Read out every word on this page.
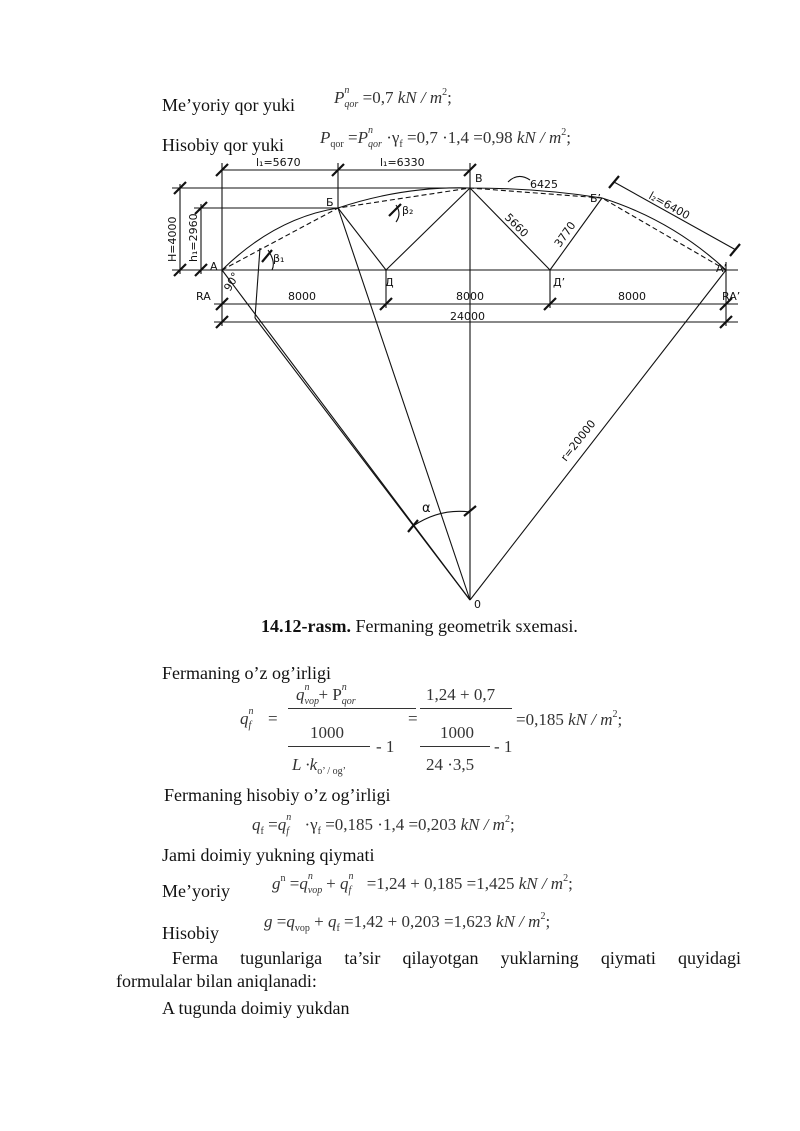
Me’yoriy qor yuki P n
qor =0,7 kN / $m^2$;
Hisobiy qor yuki $P_{qor} =P$ n
qor $\cdot\gamma_f =0,7 \cdot 1,4 =0,98$ kN / $m^2$;
l₁=5670	l₁=6330
6425
l₂=6400
H=4000 h₁=2960	5660 3770
8000	8000	8000
24000
r=20000
90°
α
β₁
β₂
A
Б
B
Б’
A’
Д	Д’
0
RA	RA’
14.12-rasm. Fermaning geometrik sxemasi.
Fermaning o’z og’irligi
q n
f =
q n
vop + P n
qor
1000
- 1
$L \cdot k_{o’ / og’}$
=
1,24 + 0,7
1000
- 1
24 ·3,5
=0,185 kN / $m^2$;
Fermaning hisobiy o’z og’irligi
$q_f =q$ n
$f \cdot\gamma_f =0,185 \cdot 1,4 =0,203$ kN / $m^2$;
Jami doimiy yukning qiymati
Me’yoriy $g^n =q$ n
vop + q n
f =1,24 + 0,185 =1,425 kN / $m^2$;
Hisobiy
$g =q_{vop} + q_f =1,42 + 0,203 =1,623$ kN / $m^2$;
Ferma tugunlariga ta’sir qilayotgan yuklarning qiymati quyidagi
formulalar bilan aniqlanadi:
A tugunda doimiy yukdan
